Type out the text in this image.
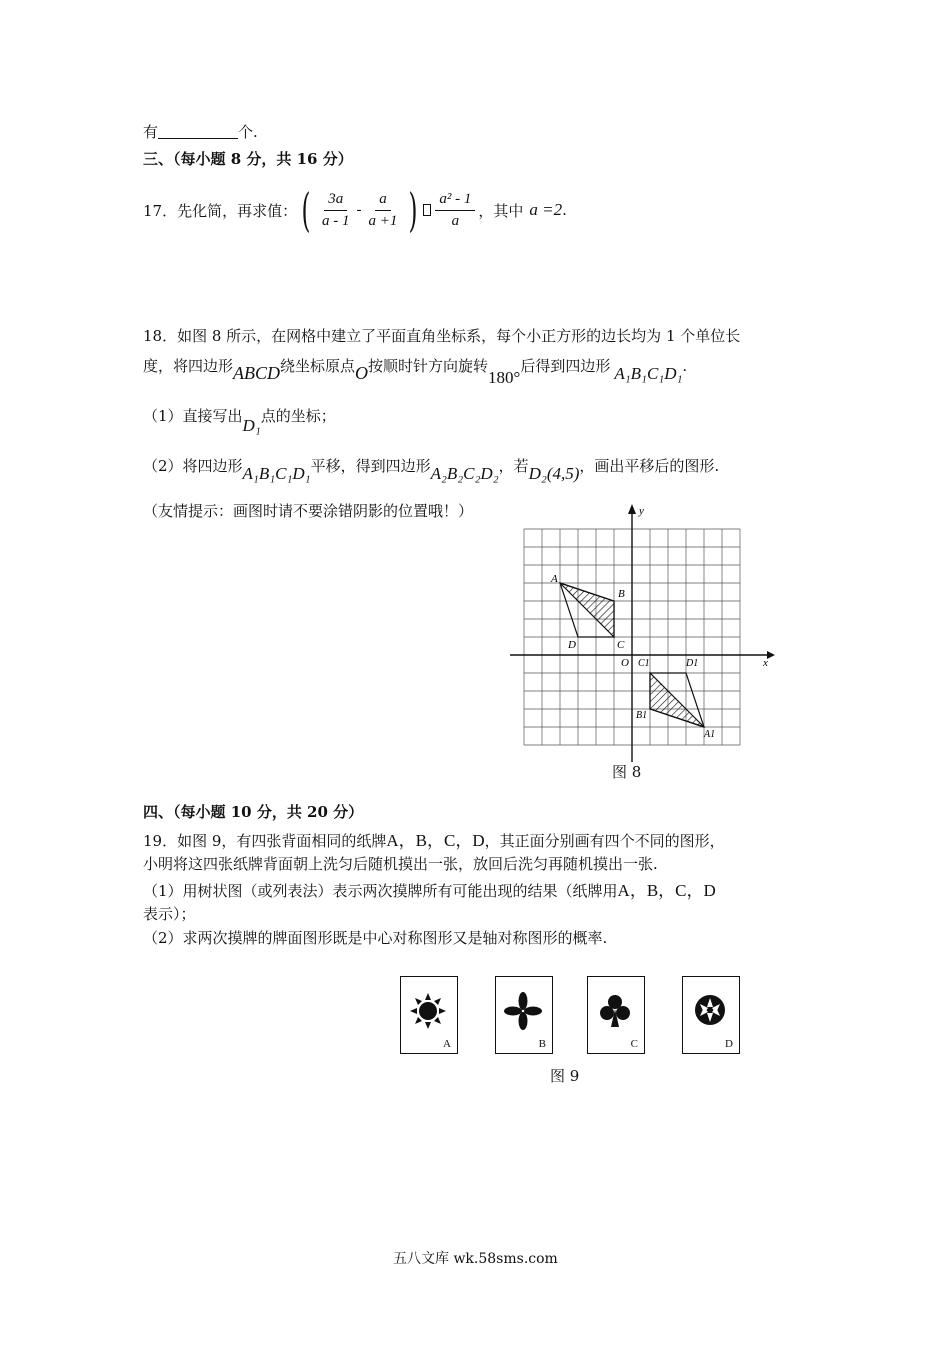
有	个.
三、（每小题 8 分，共 16 分）
17．先化简，再求值： ( $\frac{3a}{a - 1} - \frac{a}{a +1}$ ) $\frac{\text{a² - 1}}{a}$ ，其中 a =2 .
18．如图 8 所示，在网格中建立了平面直角坐标系，每个小正方形的边长均为 1 个单位长
度，将四边形ABCD绕坐标原点O按顺时针方向旋转180°后得到四边形 A₁B₁C₁D₁.
（1）直接写出D₁点的坐标；
（2）将四边形A₁B₁C₁D₁平移，得到四边形A₂B₂C₂D₂，若D₂(4,5)，画出平移后的图形.
（友情提示：画图时请不要涂错阴影的位置哦！）
x
y
O
A
B
C
D
A1
B1
C1	D1
图 8
四、（每小题 10 分，共 20 分）
19．如图 9，有四张背面相同的纸牌A，B，C，D，其正面分别画有四个不同的图形，
小明将这四张纸牌背面朝上洗匀后随机摸出一张，放回后洗匀再随机摸出一张.
（1）用树状图（或列表法）表示两次摸牌所有可能出现的结果（纸牌用A，B，C，D
表示）；
（2）求两次摸牌的牌面图形既是中心对称图形又是轴对称图形的概率.
A	B	C	D
图 9
五八文库 wk.58sms.com
